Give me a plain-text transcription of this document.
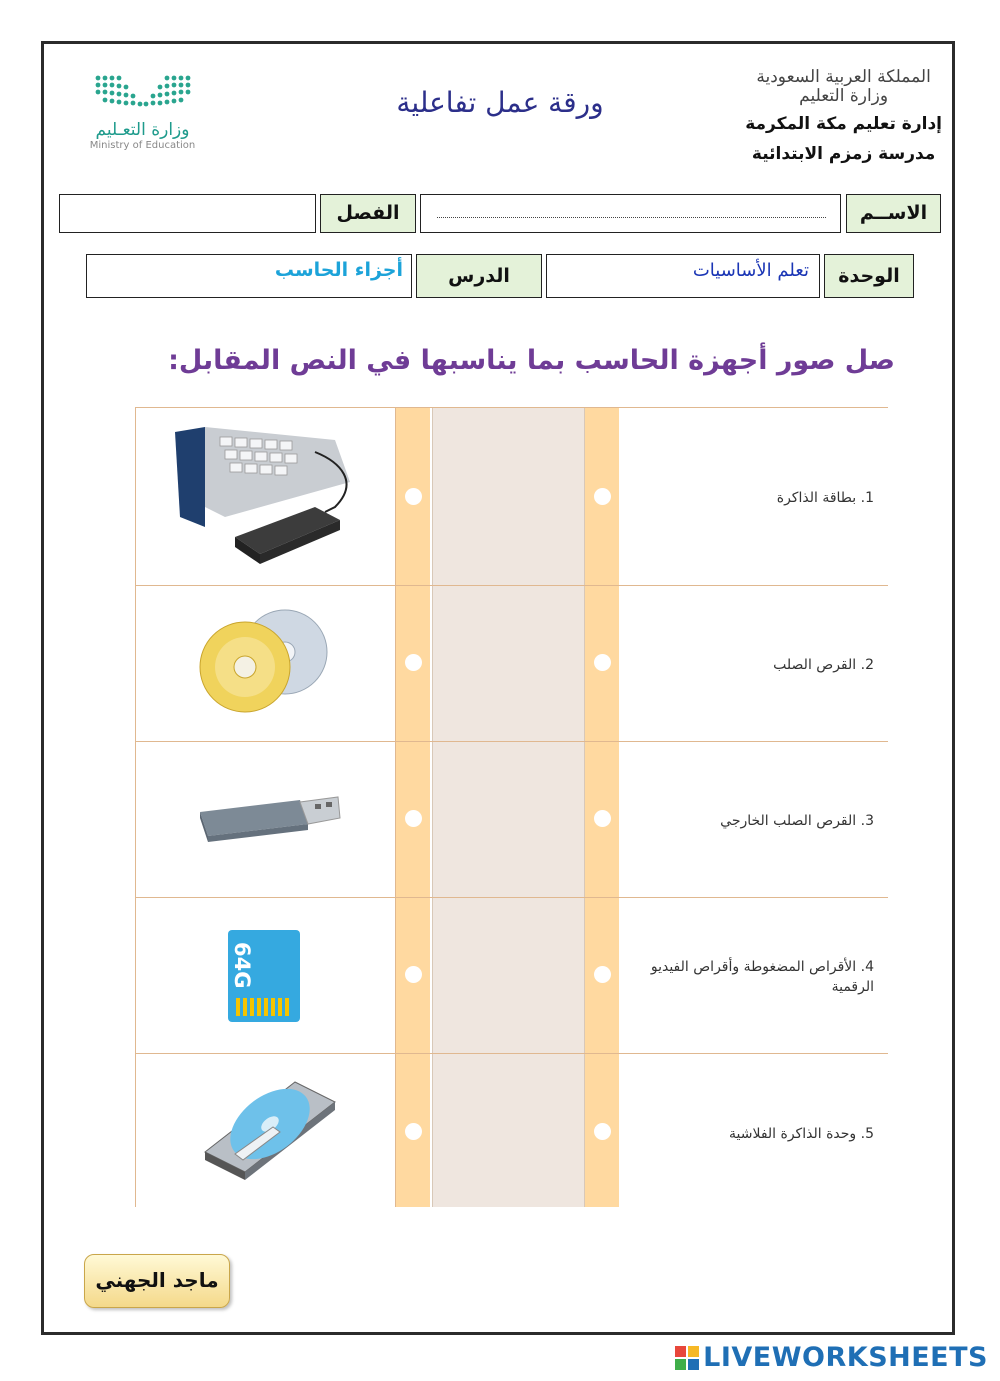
وزارة التعـليم
Ministry of Education
ورقة عمل تفاعلية
المملكة العربية السعودية
وزارة التعليم
إدارة تعليم مكة المكرمة
مدرسة زمزم الابتدائية
الاســم
الفصل
الوحدة
تعلم الأساسيات
الدرس
أجزاء الحاسب
صل صور أجهزة الحاسب بما يناسبها في النص المقابل:
1. بطاقة الذاكرة
2. القرص الصلب
3. القرص الصلب الخارجي
64G	4. الأقراص المضغوطة وأقراص الفيديو الرقمية
5. وحدة الذاكرة الفلاشية
ماجد الجهني
LIVEWORKSHEETS
